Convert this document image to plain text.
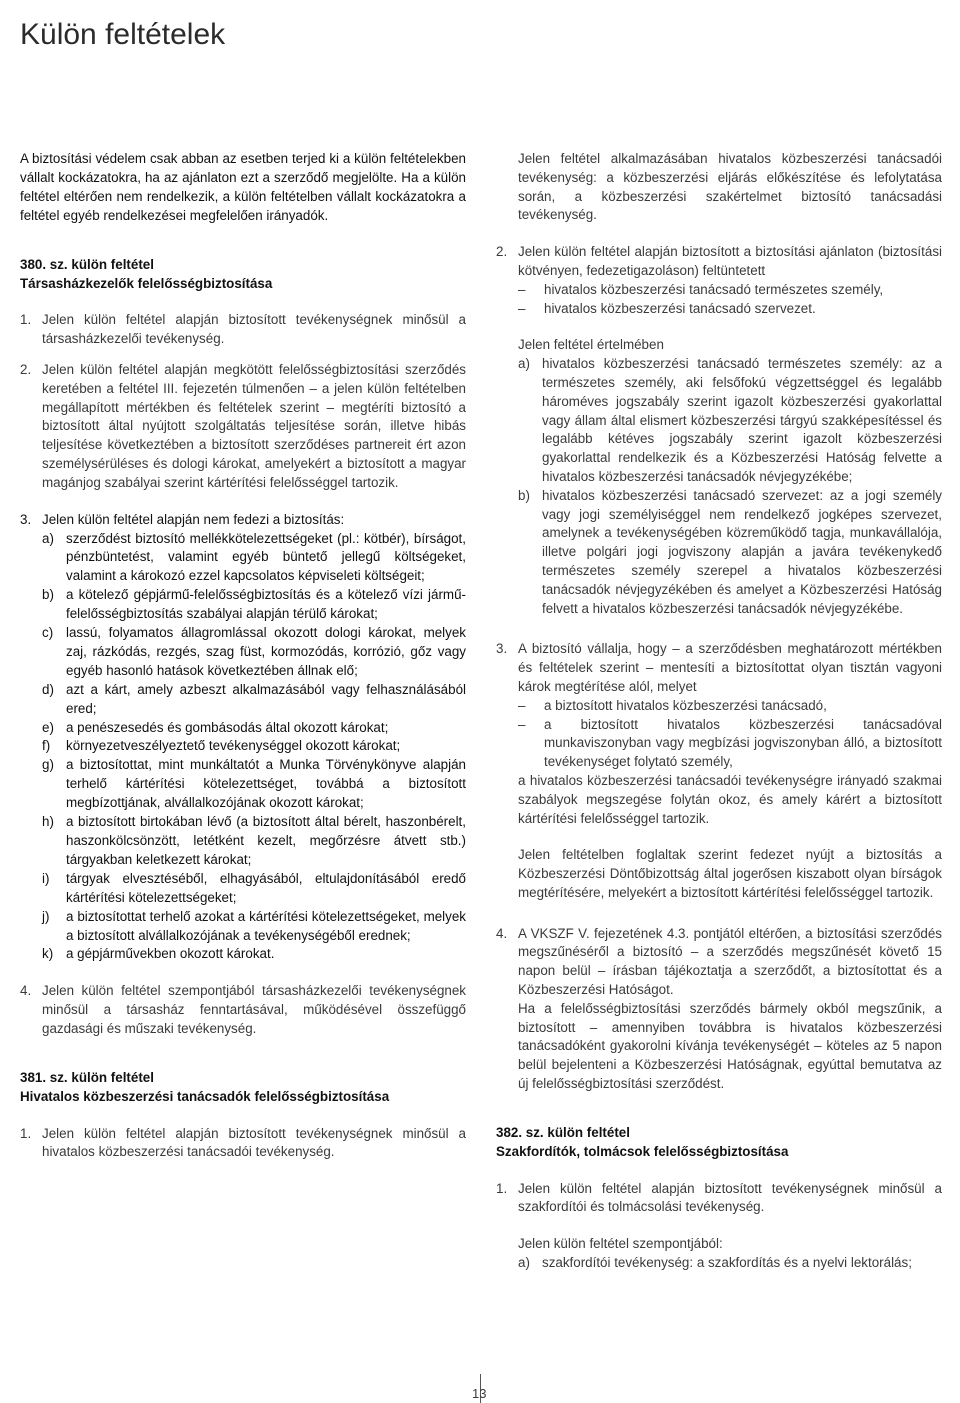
Külön feltételek
A biztosítási védelem csak abban az esetben terjed ki a külön feltételekben vállalt kockázatokra, ha az ajánlaton ezt a szerződő megjelölte. Ha a külön feltétel eltérően nem rendelkezik, a külön feltételben vállalt kockázatokra a feltétel egyéb rendelkezései megfelelően irányadók.
380. sz. külön feltétel
Társasházkezelők felelősségbiztosítása
1. Jelen külön feltétel alapján biztosított tevékenységnek minősül a társasházkezelői tevékenység.
2. Jelen külön feltétel alapján megkötött felelősségbiztosítási szerződés keretében a feltétel III. fejezetén túlmenően – a jelen külön feltételben megállapított mértékben és feltételek szerint – megtéríti biztosító a biztosított által nyújtott szolgáltatás teljesítése során, illetve hibás teljesítése következtében a biztosított szerződéses partnereit ért azon személysérüléses és dologi károkat, amelyekért a biztosított a magyar magánjog szabályai szerint kártérítési felelősséggel tartozik.
3. Jelen külön feltétel alapján nem fedezi a biztosítás:
a) szerződést biztosító mellékkötelezettségeket (pl.: kötbér), bírságot, pénzbüntetést, valamint egyéb büntető jellegű költségeket, valamint a károkozó ezzel kapcsolatos képviseleti költségeit;
b) a kötelező gépjármű-felelősségbiztosítás és a kötelező vízi jármű-felelősségbiztosítás szabályai alapján térülő károkat;
c) lassú, folyamatos állagromlással okozott dologi károkat, melyek zaj, rázkódás, rezgés, szag füst, kormozódás, korrózió, gőz vagy egyéb hasonló hatások következtében állnak elő;
d) azt a kárt, amely azbeszt alkalmazásából vagy felhasználásából ered;
e) a penészesedés és gombásodás által okozott károkat;
f)	környezetveszélyeztető tevékenységgel okozott károkat;
g) a biztosítottat, mint munkáltatót a Munka Törvénykönyve alapján terhelő kártérítési kötelezettséget, továbbá a biztosított megbízottjának, alvállalkozójának okozott károkat;
h) a biztosított birtokában lévő (a biztosított által bérelt, haszonbérelt, haszonkölcsönzött, letétként kezelt, megőrzésre átvett stb.) tárgyakban keletkezett károkat;
i)	tárgyak elvesztéséből, elhagyásából, eltulajdonításából eredő kártérítési kötelezettségeket;
j)	a biztosítottat terhelő azokat a kártérítési kötelezettségeket, melyek a biztosított alvállalkozójának a tevékenységéből erednek;
k) a gépjárművekben okozott károkat.
4. Jelen külön feltétel szempontjából társasházkezelői tevékenységnek minősül a társasház fenntartásával, működésével összefüggő gazdasági és műszaki tevékenység.
381. sz. külön feltétel
Hivatalos közbeszerzési tanácsadók felelősségbiztosítása
1. Jelen külön feltétel alapján biztosított tevékenységnek minősül a hivatalos közbeszerzési tanácsadói tevékenység.
Jelen feltétel alkalmazásában hivatalos közbeszerzési tanácsadói tevékenység: a közbeszerzési eljárás előkészítése és lefolytatása során, a közbeszerzési szakértelmet biztosító tanácsadási tevékenység.
2. Jelen külön feltétel alapján biztosított a biztosítási ajánlaton (biztosítási kötvényen, fedezetigazoláson) feltüntetett
–	hivatalos közbeszerzési tanácsadó természetes személy,
–	hivatalos közbeszerzési tanácsadó szervezet.
Jelen feltétel értelmében
a) hivatalos közbeszerzési tanácsadó természetes személy: az a természetes személy, aki felsőfokú végzettséggel és legalább hároméves jogszabály szerint igazolt közbeszerzési gyakorlattal vagy állam által elismert közbeszerzési tárgyú szakképesítéssel és legalább kétéves jogszabály szerint igazolt közbeszerzési gyakorlattal rendelkezik és a Közbeszerzési Hatóság felvette a hivatalos közbeszerzési tanácsadók névjegyzékébe;
b) hivatalos közbeszerzési tanácsadó szervezet: az a jogi személy vagy jogi személyiséggel nem rendelkező jogképes szervezet, amelynek a tevékenységében közreműködő tagja, munkavállalója, illetve polgári jogi jogviszony alapján a javára tevékenykedő természetes személy szerepel a hivatalos közbeszerzési tanácsadók névjegyzékében és amelyet a Közbeszerzési Hatóság felvett a hivatalos közbeszerzési tanácsadók névjegyzékébe.
3. A biztosító vállalja, hogy – a szerződésben meghatározott mértékben és feltételek szerint – mentesíti a biztosítottat olyan tisztán vagyoni károk megtérítése alól, melyet
–	a biztosított hivatalos közbeszerzési tanácsadó,
–	a biztosított hivatalos közbeszerzési tanácsadóval munkaviszonyban vagy megbízási jogviszonyban álló, a biztosított tevékenységet folytató személy,
a hivatalos közbeszerzési tanácsadói tevékenységre irányadó szakmai szabályok megszegése folytán okoz, és amely kárért a biztosított kártérítési felelősséggel tartozik.
Jelen feltételben foglaltak szerint fedezet nyújt a biztosítás a Közbeszerzési Döntőbizottság által jogerősen kiszabott olyan bírságok megtérítésére, melyekért a biztosított kártérítési felelősséggel tartozik.
4. A VKSZF V. fejezetének 4.3. pontjától eltérően, a biztosítási szerződés megszűnéséről a biztosító – a szerződés megszűnését követő 15 napon belül – írásban tájékoztatja a szerződőt, a biztosítottat és a Közbeszerzési Hatóságot.
Ha a felelősségbiztosítási szerződés bármely okból megszűnik, a biztosított – amennyiben továbbra is hivatalos közbeszerzési tanácsadóként gyakorolni kívánja tevékenységét – köteles az 5 napon belül bejelenteni a Közbeszerzési Hatóságnak, egyúttal bemutatva az új felelősségbiztosítási szerződést.
382. sz. külön feltétel
Szakfordítók, tolmácsok felelősségbiztosítása
1. Jelen külön feltétel alapján biztosított tevékenységnek minősül a szakfordítói és tolmácsolási tevékenység.
Jelen külön feltétel szempontjából:
a) szakfordítói tevékenység: a szakfordítás és a nyelvi lektorálás;
13
